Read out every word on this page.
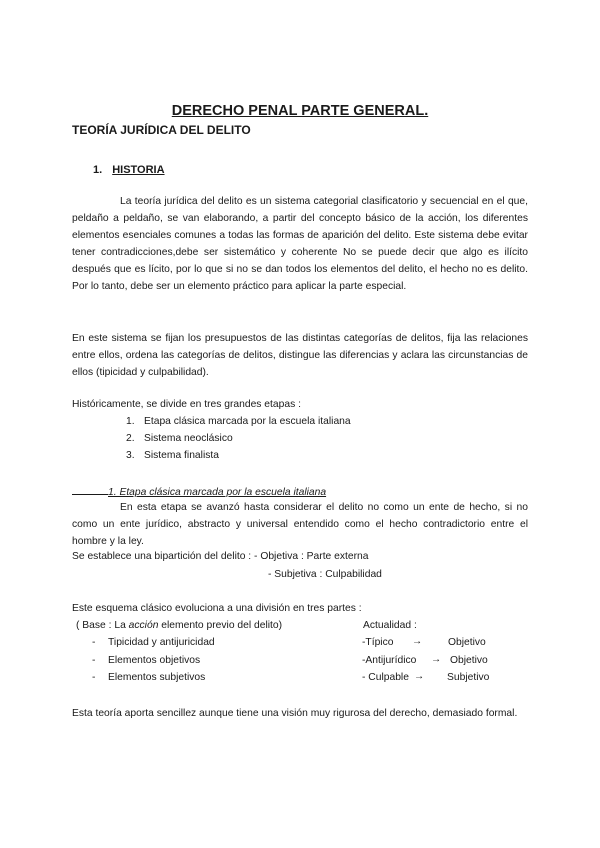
DERECHO PENAL PARTE GENERAL.
TEORÍA JURÍDICA DEL DELITO
1. HISTORIA
La teoría jurídica del delito es un sistema categorial clasificatorio y secuencial en el que, peldaño a peldaño, se van elaborando, a partir del concepto básico de la acción, los diferentes elementos esenciales comunes a todas las formas de aparición del delito. Este sistema debe evitar tener contradicciones,debe ser sistemático y coherente No se puede decir que algo es ilícito después que es lícito, por lo que si no se dan todos los elementos del delito, el hecho no es delito. Por lo tanto, debe ser un elemento práctico para aplicar la parte especial.
En este sistema se fijan los presupuestos de las distintas categorías de delitos, fija las relaciones entre ellos, ordena las categorías de delitos, distingue las diferencias y aclara las circunstancias de ellos (tipicidad y culpabilidad).
Históricamente, se divide en tres grandes etapas :
1. Etapa clásica marcada por la escuela italiana
2. Sistema neoclásico
3. Sistema finalista
1. Etapa clásica marcada por la escuela italiana
En esta etapa se avanzó hasta considerar el delito no como un ente de hecho, si no como un ente jurídico, abstracto y universal entendido como el hecho contradictorio entre el hombre y la ley.
Se establece una bipartición del delito : - Objetiva : Parte externa
- Subjetiva : Culpabilidad
Este esquema clásico evoluciona a una división en tres partes :
( Base : La acción elemento previo del delito)	Actualidad :
- Tipicidad y antijuricidad
- Elementos objetivos
- Elementos subjetivos
-Típico → Objetivo
-Antijurídico → Objetivo
- Culpable → Subjetivo
Esta teoría aporta sencillez aunque tiene una visión muy rigurosa del derecho, demasiado formal.
